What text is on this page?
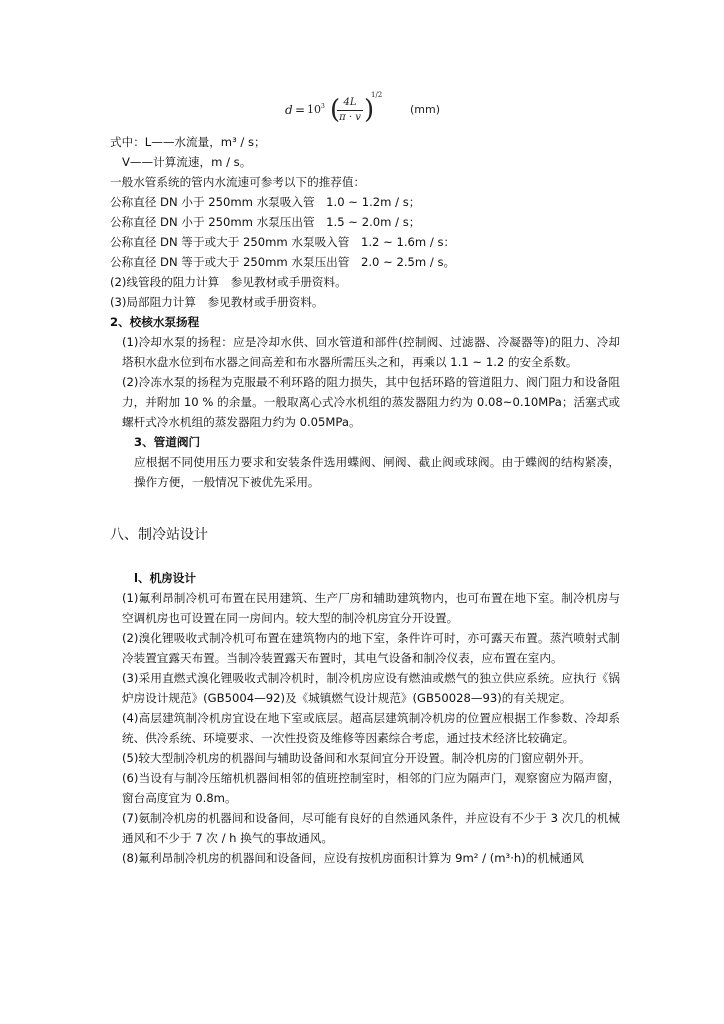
$d = 10^3$ ( 4L
π · v )
1/2
(mm)

式中：L——水流量，m³ / s；

V——计算流速，m / s。

一般水管系统的管内水流速可参考以下的推荐值：

公称直径 DN 小于 250mm 水泵吸入管　1.0 ~ 1.2m / s；

公称直径 DN 小于 250mm 水泵压出管　1.5 ~ 2.0m / s；

公称直径 DN 等于或大于 250mm 水泵吸入管　1.2 ~ 1.6m / s：

公称直径 DN 等于或大于 250mm 水泵压出管　2.0 ~ 2.5m / s。

(2)线管段的阻力计算　参见教材或手册资料。

(3)局部阻力计算　参见教材或手册资料。

2、校核水泵扬程

(1)冷却水泵的扬程：应是冷却水供、回水管道和部件(控制阀、过滤器、冷凝器等)的阻力、冷却塔积水盘水位到布水器之间高差和布水器所需压头之和，再乘以 1.1 ~ 1.2 的安全系数。

(2)冷冻水泵的扬程为克服最不利环路的阻力损失，其中包括环路的管道阻力、阀门阻力和设备阻力，并附加 10 % 的余量。一般取离心式冷水机组的蒸发器阻力约为 0.08~0.10MPa；活塞式或螺杆式冷水机组的蒸发器阻力约为 0.05MPa。

3、管道阀门

应根据不同使用压力要求和安装条件选用蝶阀、闸阀、截止阀或球阀。由于蝶阀的结构紧凑，操作方便，一般情况下被优先采用。

八、制冷站设计

l、机房设计

(1)氟利昂制冷机可布置在民用建筑、生产厂房和辅助建筑物内，也可布置在地下室。制冷机房与空调机房也可设置在同一房间内。较大型的制冷机房宜分开设置。

(2)溴化锂吸收式制冷机可布置在建筑物内的地下室，条件许可时，亦可露天布置。蒸汽喷射式制冷装置宜露天布置。当制冷装置露天布置时，其电气设备和制冷仪表，应布置在室内。

(3)采用直燃式溴化锂吸收式制冷机时，制冷机房应设有燃油或燃气的独立供应系统。应执行《锅炉房设计规范》(GB5004—92)及《城镇燃气设计规范》(GB50028—93)的有关规定。

(4)高层建筑制冷机房宜设在地下室或底层。超高层建筑制冷机房的位置应根据工作参数、冷却系统、供冷系统、环境要求、一次性投资及维修等因素综合考虑，通过技术经济比较确定。

(5)较大型制冷机房的机器间与辅助设备间和水泵间宜分开设置。制冷机房的门窗应朝外开。

(6)当设有与制冷压缩机机器间相邻的值班控制室时，相邻的门应为隔声门，观察窗应为隔声窗，窗台高度宜为 0.8m。

(7)氨制冷机房的机器间和设备间，尽可能有良好的自然通风条件，并应设有不少于 3 次几的机械通风和不少于 7 次 / h 换气的事故通风。

(8)氟利昂制冷机房的机器间和设备间，应设有按机房面积计算为 9m² / (m³·h)的机械通风
